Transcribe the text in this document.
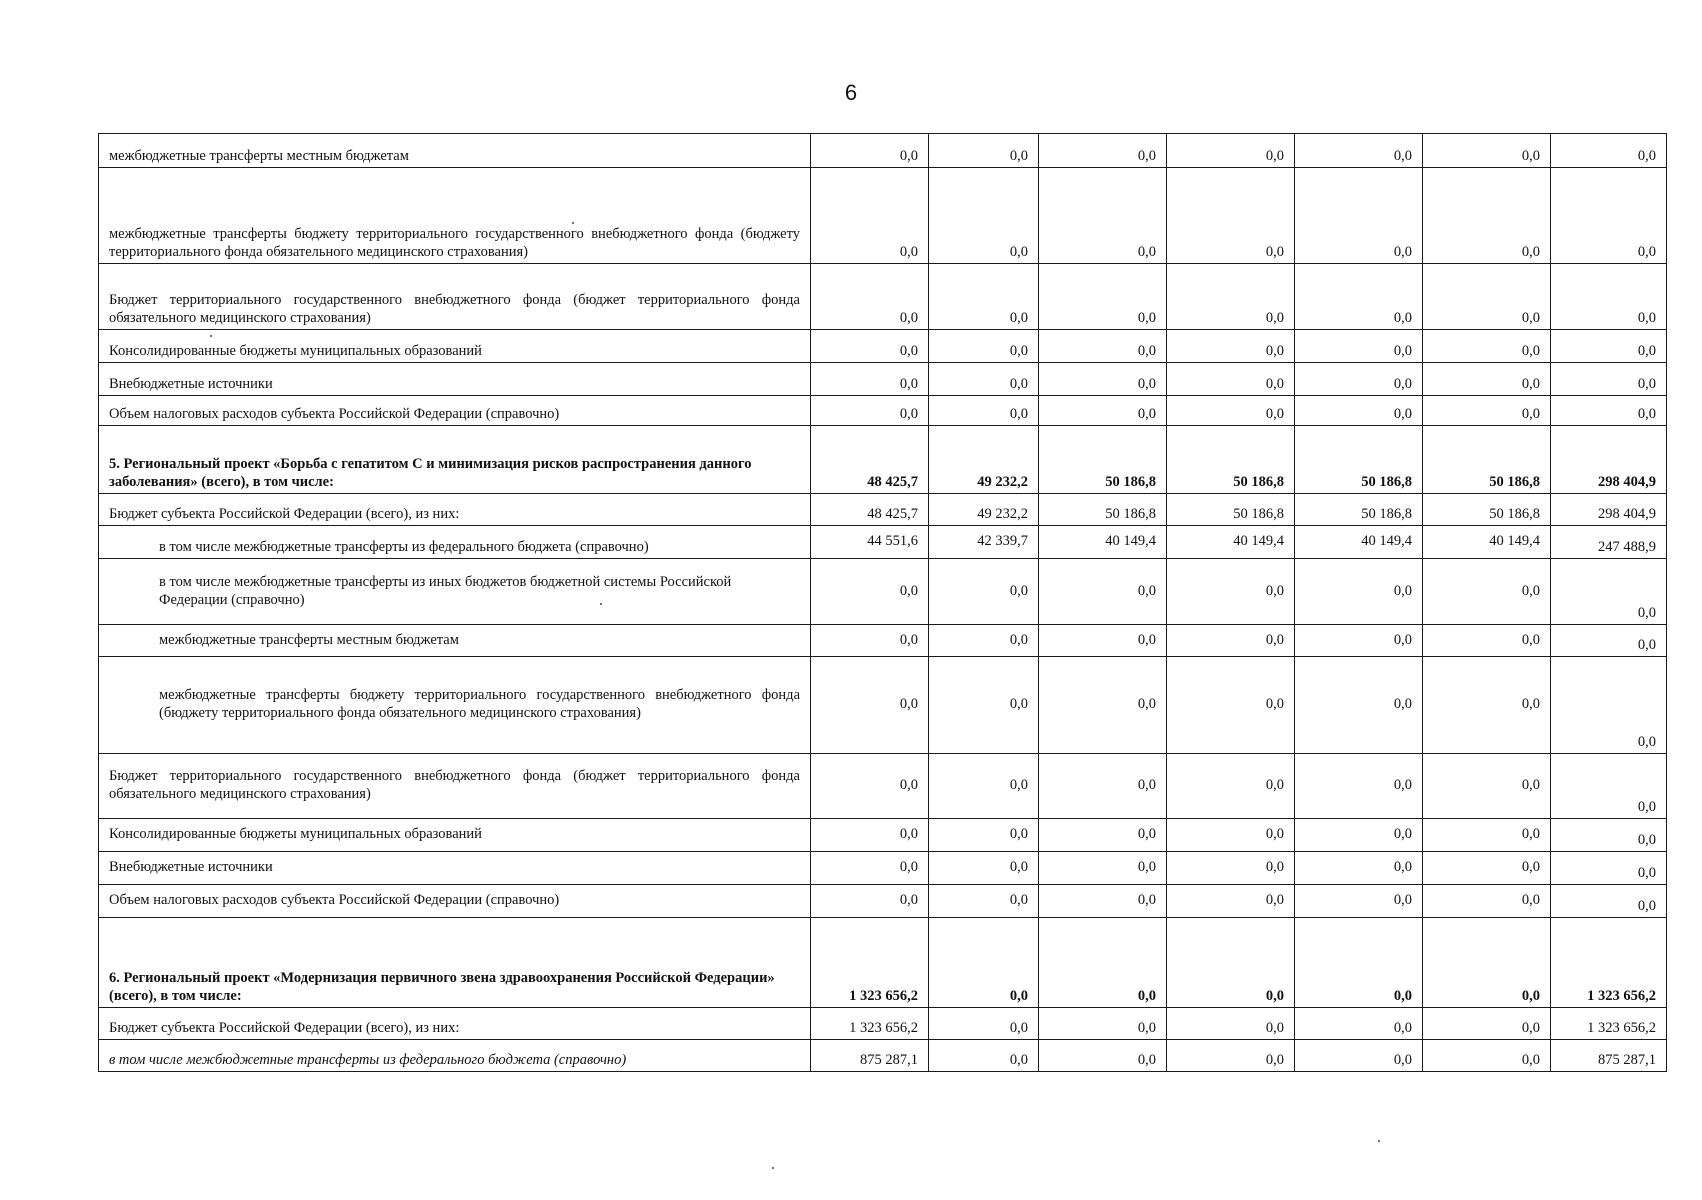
6
межбюджетные трансферты местным бюджетам	0,0	0,0	0,0	0,0	0,0	0,0	0,0
межбюджетные трансферты бюджету территориального государственного внебюджетного фонда (бюджету территориального фонда обязательного медицинского страхования)	0,0	0,0	0,0	0,0	0,0	0,0	0,0
Бюджет территориального государственного внебюджетного фонда (бюджет территориального фонда обязательного медицинского страхования)	0,0	0,0	0,0	0,0	0,0	0,0	0,0
Консолидированные бюджеты муниципальных образований	0,0	0,0	0,0	0,0	0,0	0,0	0,0
Внебюджетные источники	0,0	0,0	0,0	0,0	0,0	0,0	0,0
Объем налоговых расходов субъекта Российской Федерации (справочно)	0,0	0,0	0,0	0,0	0,0	0,0	0,0
5. Региональный проект «Борьба с гепатитом С и минимизация рисков распространения данного заболевания» (всего), в том числе:	48 425,7	49 232,2	50 186,8	50 186,8	50 186,8	50 186,8	298 404,9
Бюджет субъекта Российской Федерации (всего), из них:	48 425,7	49 232,2	50 186,8	50 186,8	50 186,8	50 186,8	298 404,9
в том числе межбюджетные трансферты из федерального бюджета (справочно)	44 551,6	42 339,7	40 149,4	40 149,4	40 149,4	40 149,4	247 488,9
в том числе межбюджетные трансферты из иных бюджетов бюджетной системы Российской Федерации (справочно)	0,0	0,0	0,0	0,0	0,0	0,0	0,0
межбюджетные трансферты местным бюджетам	0,0	0,0	0,0	0,0	0,0	0,0	0,0
межбюджетные трансферты бюджету территориального государственного внебюджетного фонда (бюджету территориального фонда обязательного медицинского страхования)	0,0	0,0	0,0	0,0	0,0	0,0	0,0
Бюджет территориального государственного внебюджетного фонда (бюджет территориального фонда обязательного медицинского страхования)	0,0	0,0	0,0	0,0	0,0	0,0	0,0
Консолидированные бюджеты муниципальных образований	0,0	0,0	0,0	0,0	0,0	0,0	0,0
Внебюджетные источники	0,0	0,0	0,0	0,0	0,0	0,0	0,0
Объем налоговых расходов субъекта Российской Федерации (справочно)	0,0	0,0	0,0	0,0	0,0	0,0	0,0
6. Региональный проект «Модернизация первичного звена здравоохранения Российской Федерации» (всего), в том числе:	1 323 656,2	0,0	0,0	0,0	0,0	0,0	1 323 656,2
Бюджет субъекта Российской Федерации (всего), из них:	1 323 656,2	0,0	0,0	0,0	0,0	0,0	1 323 656,2
в том числе межбюджетные трансферты из федерального бюджета (справочно)	875 287,1	0,0	0,0	0,0	0,0	0,0	875 287,1
